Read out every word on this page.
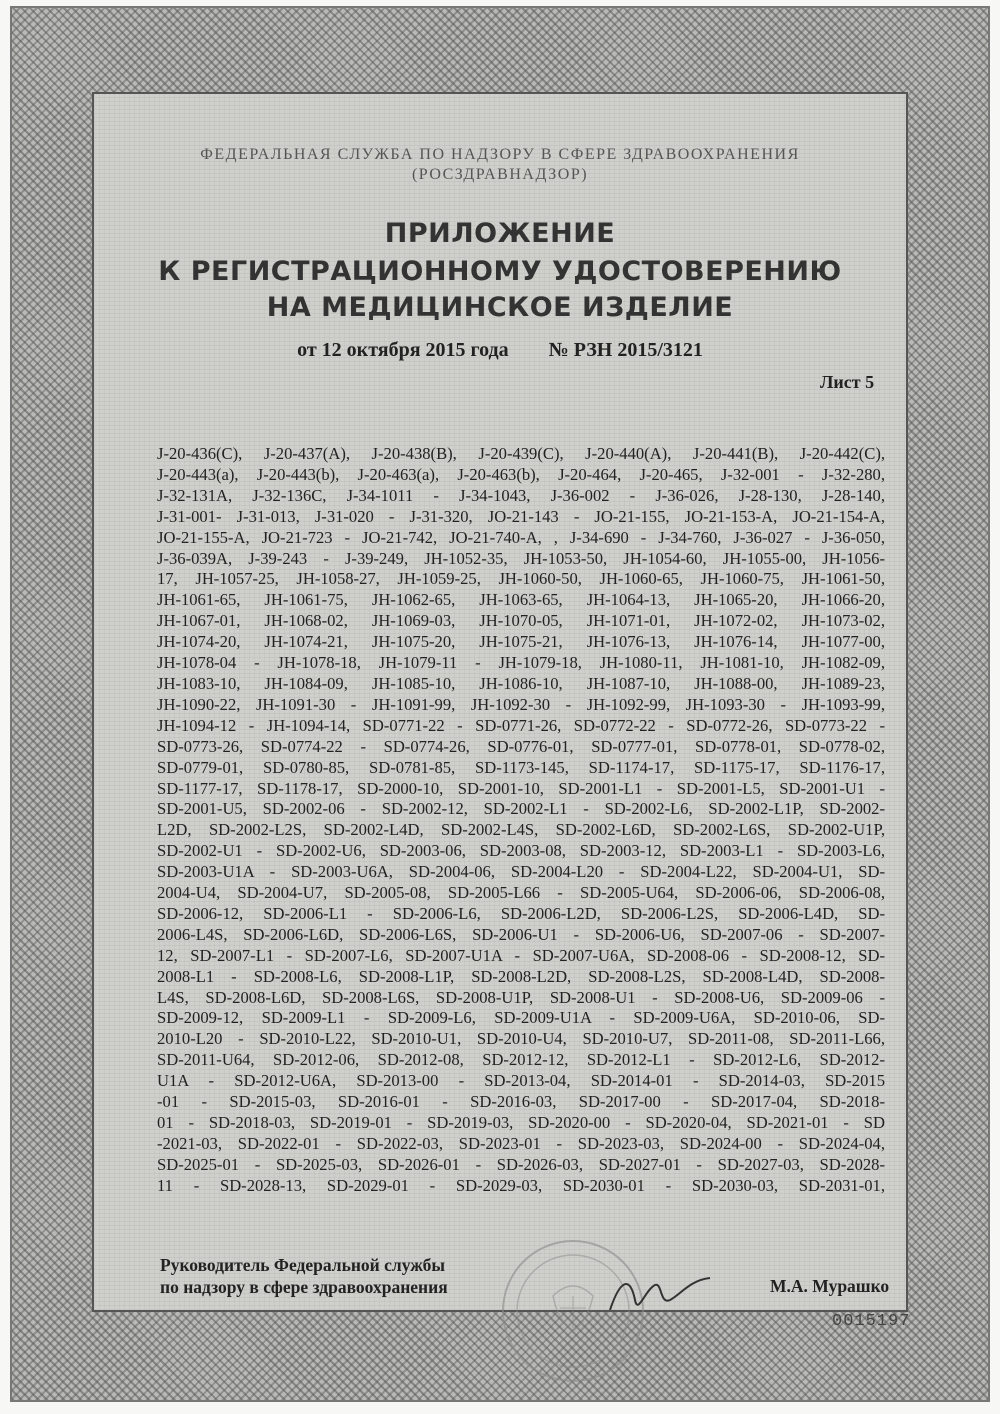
ФЕДЕРАЛЬНАЯ СЛУЖБА ПО НАДЗОРУ В СФЕРЕ ЗДРАВООХРАНЕНИЯ
(РОСЗДРАВНАДЗОР)
ПРИЛОЖЕНИЕ
К РЕГИСТРАЦИОННОМУ УДОСТОВЕРЕНИЮ
НА МЕДИЦИНСКОЕ ИЗДЕЛИЕ
от 12 октября 2015 года № РЗН 2015/3121
Лист 5
J-20-436(C), J-20-437(A), J-20-438(B), J-20-439(C), J-20-440(A), J-20-441(B), J-20-442(C),
J-20-443(a), J-20-443(b), J-20-463(a), J-20-463(b), J-20-464, J-20-465, J-32-001 - J-32-280,
J-32-131A, J-32-136C, J-34-1011 - J-34-1043, J-36-002 - J-36-026, J-28-130, J-28-140,
J-31-001- J-31-013, J-31-020 - J-31-320, JO-21-143 - JO-21-155, JO-21-153-A, JO-21-154-A,
JO-21-155-A, JO-21-723 - JO-21-742, JO-21-740-A, , J-34-690 - J-34-760, J-36-027 - J-36-050,
J-36-039A, J-39-243 - J-39-249, JH-1052-35, JH-1053-50, JH-1054-60, JH-1055-00, JH-1056-
17, JH-1057-25, JH-1058-27, JH-1059-25, JH-1060-50, JH-1060-65, JH-1060-75, JH-1061-50,
JH-1061-65, JH-1061-75, JH-1062-65, JH-1063-65, JH-1064-13, JH-1065-20, JH-1066-20,
JH-1067-01, JH-1068-02, JH-1069-03, JH-1070-05, JH-1071-01, JH-1072-02, JH-1073-02,
JH-1074-20, JH-1074-21, JH-1075-20, JH-1075-21, JH-1076-13, JH-1076-14, JH-1077-00,
JH-1078-04 - JH-1078-18, JH-1079-11 - JH-1079-18, JH-1080-11, JH-1081-10, JH-1082-09,
JH-1083-10, JH-1084-09, JH-1085-10, JH-1086-10, JH-1087-10, JH-1088-00, JH-1089-23,
JH-1090-22, JH-1091-30 - JH-1091-99, JH-1092-30 - JH-1092-99, JH-1093-30 - JH-1093-99,
JH-1094-12 - JH-1094-14, SD-0771-22 - SD-0771-26, SD-0772-22 - SD-0772-26, SD-0773-22 -
SD-0773-26, SD-0774-22 - SD-0774-26, SD-0776-01, SD-0777-01, SD-0778-01, SD-0778-02,
SD-0779-01, SD-0780-85, SD-0781-85, SD-1173-145, SD-1174-17, SD-1175-17, SD-1176-17,
SD-1177-17, SD-1178-17, SD-2000-10, SD-2001-10, SD-2001-L1 - SD-2001-L5, SD-2001-U1 -
SD-2001-U5, SD-2002-06 - SD-2002-12, SD-2002-L1 - SD-2002-L6, SD-2002-L1P, SD-2002-
L2D, SD-2002-L2S, SD-2002-L4D, SD-2002-L4S, SD-2002-L6D, SD-2002-L6S, SD-2002-U1P,
SD-2002-U1 - SD-2002-U6, SD-2003-06, SD-2003-08, SD-2003-12, SD-2003-L1 - SD-2003-L6,
SD-2003-U1A - SD-2003-U6A, SD-2004-06, SD-2004-L20 - SD-2004-L22, SD-2004-U1, SD-
2004-U4, SD-2004-U7, SD-2005-08, SD-2005-L66 - SD-2005-U64, SD-2006-06, SD-2006-08,
SD-2006-12, SD-2006-L1 - SD-2006-L6, SD-2006-L2D, SD-2006-L2S, SD-2006-L4D, SD-
2006-L4S, SD-2006-L6D, SD-2006-L6S, SD-2006-U1 - SD-2006-U6, SD-2007-06 - SD-2007-
12, SD-2007-L1 - SD-2007-L6, SD-2007-U1A - SD-2007-U6A, SD-2008-06 - SD-2008-12, SD-
2008-L1 - SD-2008-L6, SD-2008-L1P, SD-2008-L2D, SD-2008-L2S, SD-2008-L4D, SD-2008-
L4S, SD-2008-L6D, SD-2008-L6S, SD-2008-U1P, SD-2008-U1 - SD-2008-U6, SD-2009-06 -
SD-2009-12, SD-2009-L1 - SD-2009-L6, SD-2009-U1A - SD-2009-U6A, SD-2010-06, SD-
2010-L20 - SD-2010-L22, SD-2010-U1, SD-2010-U4, SD-2010-U7, SD-2011-08, SD-2011-L66,
SD-2011-U64, SD-2012-06, SD-2012-08, SD-2012-12, SD-2012-L1 - SD-2012-L6, SD-2012-
U1A - SD-2012-U6A, SD-2013-00 - SD-2013-04, SD-2014-01 - SD-2014-03, SD-2015
-01 - SD-2015-03, SD-2016-01 - SD-2016-03, SD-2017-00 - SD-2017-04, SD-2018-
01 - SD-2018-03, SD-2019-01 - SD-2019-03, SD-2020-00 - SD-2020-04, SD-2021-01 - SD
-2021-03, SD-2022-01 - SD-2022-03, SD-2023-01 - SD-2023-03, SD-2024-00 - SD-2024-04,
SD-2025-01 - SD-2025-03, SD-2026-01 - SD-2026-03, SD-2027-01 - SD-2027-03, SD-2028-
11 - SD-2028-13, SD-2029-01 - SD-2029-03, SD-2030-01 - SD-2030-03, SD-2031-01,
Руководитель Федеральной службы
по надзору в сфере здравоохранения	М.А. Мурашко
0015197
